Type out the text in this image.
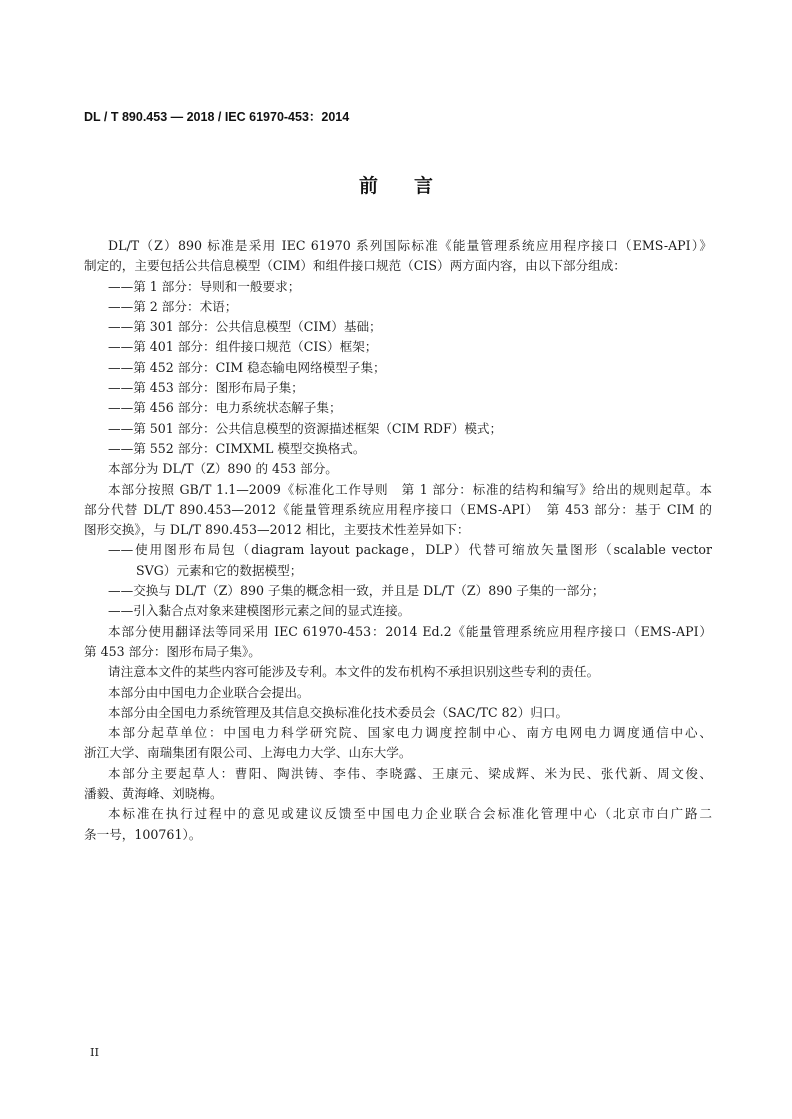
DL / T 890.453 — 2018 / IEC 61970-453：2014
前言
DL/T（Z）890 标准是采用 IEC 61970 系列国际标准《能量管理系统应用程序接口（EMS-API）》
制定的，主要包括公共信息模型（CIM）和组件接口规范（CIS）两方面内容，由以下部分组成：
——第 1 部分：导则和一般要求；
——第 2 部分：术语；
——第 301 部分：公共信息模型（CIM）基础；
——第 401 部分：组件接口规范（CIS）框架；
——第 452 部分：CIM 稳态输电网络模型子集；
——第 453 部分：图形布局子集；
——第 456 部分：电力系统状态解子集；
——第 501 部分：公共信息模型的资源描述框架（CIM RDF）模式；
——第 552 部分：CIMXML 模型交换格式。
本部分为 DL/T（Z）890 的 453 部分。
本部分按照 GB/T 1.1—2009《标准化工作导则　第 1 部分：标准的结构和编写》给出的规则起草。本
部分代替 DL/T 890.453—2012《能量管理系统应用程序接口（EMS-API）　第 453 部分：基于 CIM 的
图形交换》，与 DL/T 890.453—2012 相比，主要技术性差异如下：
——使用图形布局包（diagram layout package，DLP）代替可缩放矢量图形（scalable vector
SVG）元素和它的数据模型；
——交换与 DL/T（Z）890 子集的概念相一致，并且是 DL/T（Z）890 子集的一部分；
——引入黏合点对象来建模图形元素之间的显式连接。
本部分使用翻译法等同采用 IEC 61970-453：2014 Ed.2《能量管理系统应用程序接口（EMS-API）
第 453 部分：图形布局子集》。
请注意本文件的某些内容可能涉及专利。本文件的发布机构不承担识别这些专利的责任。
本部分由中国电力企业联合会提出。
本部分由全国电力系统管理及其信息交换标准化技术委员会（SAC/TC 82）归口。
本部分起草单位：中国电力科学研究院、国家电力调度控制中心、南方电网电力调度通信中心、
浙江大学、南瑞集团有限公司、上海电力大学、山东大学。
本部分主要起草人：曹阳、陶洪铸、李伟、李晓露、王康元、梁成辉、米为民、张代新、周文俊、
潘毅、黄海峰、刘晓梅。
本标准在执行过程中的意见或建议反馈至中国电力企业联合会标准化管理中心（北京市白广路二
条一号，100761）。
II
